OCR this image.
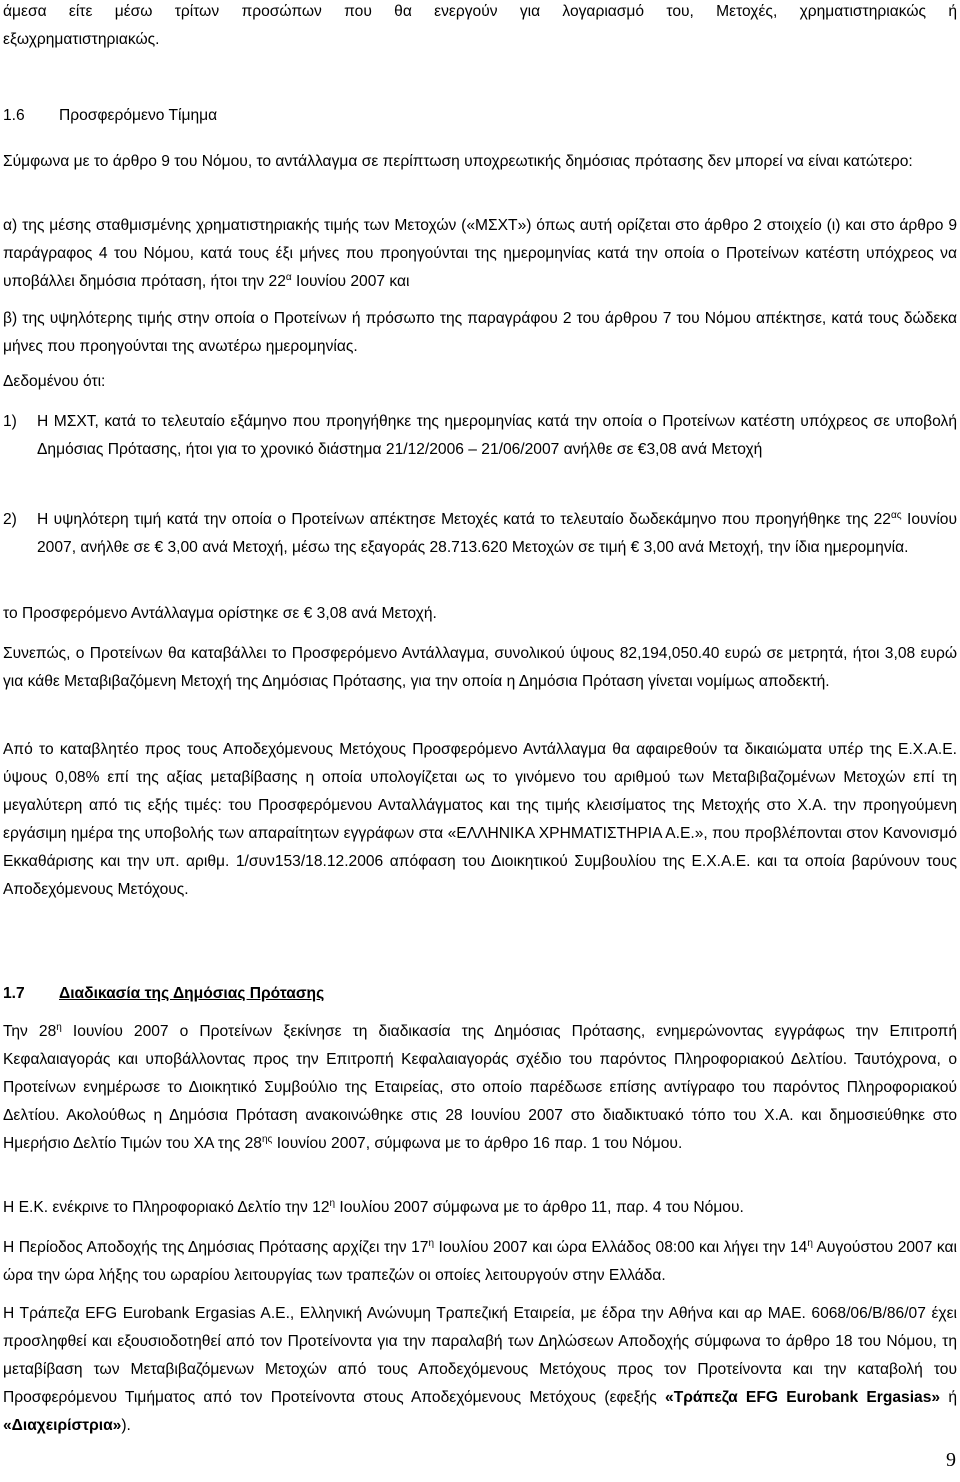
άμεσα είτε μέσω τρίτων προσώπων που θα ενεργούν για λογαριασμό του, Μετοχές, χρηματιστηριακώς ή
εξωχρηματιστηριακώς.

1.6 Προσφερόμενο Τίμημα

Σύμφωνα με το άρθρο 9 του Νόμου, το αντάλλαγμα σε περίπτωση υποχρεωτικής δημόσιας πρότασης δεν μπορεί να είναι κατώτερο:

α) της μέσης σταθμισμένης χρηματιστηριακής τιμής των Μετοχών («ΜΣΧΤ») όπως αυτή ορίζεται στο άρθρο 2 στοιχείο (ι) και στο άρθρο 9 παράγραφος 4 του Νόμου, κατά τους έξι μήνες που προηγούνται της ημερομηνίας κατά την οποία ο Προτείνων κατέστη υπόχρεος να υποβάλλει δημόσια πρόταση, ήτοι την $22^\alpha$ Ιουνίου 2007 και

β) της υψηλότερης τιμής στην οποία ο Προτείνων ή πρόσωπο της παραγράφου 2 του άρθρου 7 του Νόμου απέκτησε, κατά τους δώδεκα μήνες που προηγούνται της ανωτέρω ημερομηνίας.

Δεδομένου ότι:

1)	Η ΜΣΧΤ, κατά το τελευταίο εξάμηνο που προηγήθηκε της ημερομηνίας κατά την οποία ο Προτείνων κατέστη υπόχρεος σε υποβολή Δημόσιας Πρότασης, ήτοι για το χρονικό διάστημα 21/12/2006 – 21/06/2007 ανήλθε σε €3,08 ανά Μετοχή
2)	Η υψηλότερη τιμή κατά την οποία ο Προτείνων απέκτησε Μετοχές κατά το τελευταίο δωδεκάμηνο που προηγήθηκε της $22^{\alpha\varsigma}$ Ιουνίου 2007, ανήλθε σε € 3,00 ανά Μετοχή, μέσω της εξαγοράς 28.713.620 Μετοχών σε τιμή € 3,00 ανά Μετοχή, την ίδια ημερομηνία.

το Προσφερόμενο Αντάλλαγμα ορίστηκε σε € 3,08 ανά Μετοχή.

Συνεπώς, ο Προτείνων θα καταβάλλει το Προσφερόμενο Αντάλλαγμα, συνολικού ύψους 82,194,050.40 ευρώ σε μετρητά, ήτοι 3,08 ευρώ για κάθε Μεταβιβαζόμενη Μετοχή της Δημόσιας Πρότασης, για την οποία η Δημόσια Πρόταση γίνεται νομίμως αποδεκτή.

Από το καταβλητέο προς τους Αποδεχόμενους Μετόχους Προσφερόμενο Αντάλλαγμα θα αφαιρεθούν τα δικαιώματα υπέρ της Ε.Χ.Α.Ε. ύψους 0,08% επί της αξίας μεταβίβασης η οποία υπολογίζεται ως το γινόμενο του αριθμού των Μεταβιβαζομένων Μετοχών επί τη μεγαλύτερη από τις εξής τιμές: του Προσφερόμενου Ανταλλάγματος και της τιμής κλεισίματος της Μετοχής στο Χ.Α. την προηγούμενη εργάσιμη ημέρα της υποβολής των απαραίτητων εγγράφων στα «ΕΛΛΗΝΙΚΑ ΧΡΗΜΑΤΙΣΤΗΡΙΑ Α.Ε.», που προβλέπονται στον Κανονισμό Εκκαθάρισης και την υπ. αριθμ. 1/συν153/18.12.2006 απόφαση του Διοικητικού Συμβουλίου της Ε.Χ.Α.Ε. και τα οποία βαρύνουν τους Αποδεχόμενους Μετόχους.

1.7 Διαδικασία της Δημόσιας Πρότασης

Την $28^\eta$ Ιουνίου 2007 ο Προτείνων ξεκίνησε τη διαδικασία της Δημόσιας Πρότασης, ενημερώνοντας εγγράφως την Επιτροπή Κεφαλαιαγοράς και υποβάλλοντας προς την Επιτροπή Κεφαλαιαγοράς σχέδιο του παρόντος Πληροφοριακού Δελτίου. Ταυτόχρονα, ο Προτείνων ενημέρωσε το Διοικητικό Συμβούλιο της Εταιρείας, στο οποίο παρέδωσε επίσης αντίγραφο του παρόντος Πληροφοριακού Δελτίου. Ακολούθως η Δημόσια Πρόταση ανακοινώθηκε στις 28 Ιουνίου 2007 στο διαδικτυακό τόπο του Χ.Α. και δημοσιεύθηκε στο Ημερήσιο Δελτίο Τιμών του ΧΑ της $28^{\eta\varsigma}$ Ιουνίου 2007, σύμφωνα με το άρθρο 16 παρ. 1 του Νόμου.

Η Ε.Κ. ενέκρινε το Πληροφοριακό Δελτίο την $12^\eta$ Ιουλίου 2007 σύμφωνα με το άρθρο 11, παρ. 4 του Νόμου.

Η Περίοδος Αποδοχής της Δημόσιας Πρότασης αρχίζει την $17^\eta$ Ιουλίου 2007 και ώρα Ελλάδος 08:00 και λήγει την $14^\eta$ Αυγούστου 2007 και ώρα την ώρα λήξης του ωραρίου λειτουργίας των τραπεζών οι οποίες λειτουργούν στην Ελλάδα.

Η Τράπεζα EFG Eurobank Ergasias A.E., Ελληνική Ανώνυμη Τραπεζική Εταιρεία, με έδρα την Αθήνα και αρ ΜΑΕ. 6068/06/Β/86/07 έχει προσληφθεί και εξουσιοδοτηθεί από τον Προτείνοντα για την παραλαβή των Δηλώσεων Αποδοχής σύμφωνα το άρθρο 18 του Νόμου, τη μεταβίβαση των Μεταβιβαζόμενων Μετοχών από τους Αποδεχόμενους Μετόχους προς τον Προτείνοντα και την καταβολή του Προσφερόμενου Τιμήματος από τον Προτείνοντα στους Αποδεχόμενους Μετόχους (εφεξής «Τράπεζα EFG Eurobank Ergasias» ή «Διαχειρίστρια»).

9
